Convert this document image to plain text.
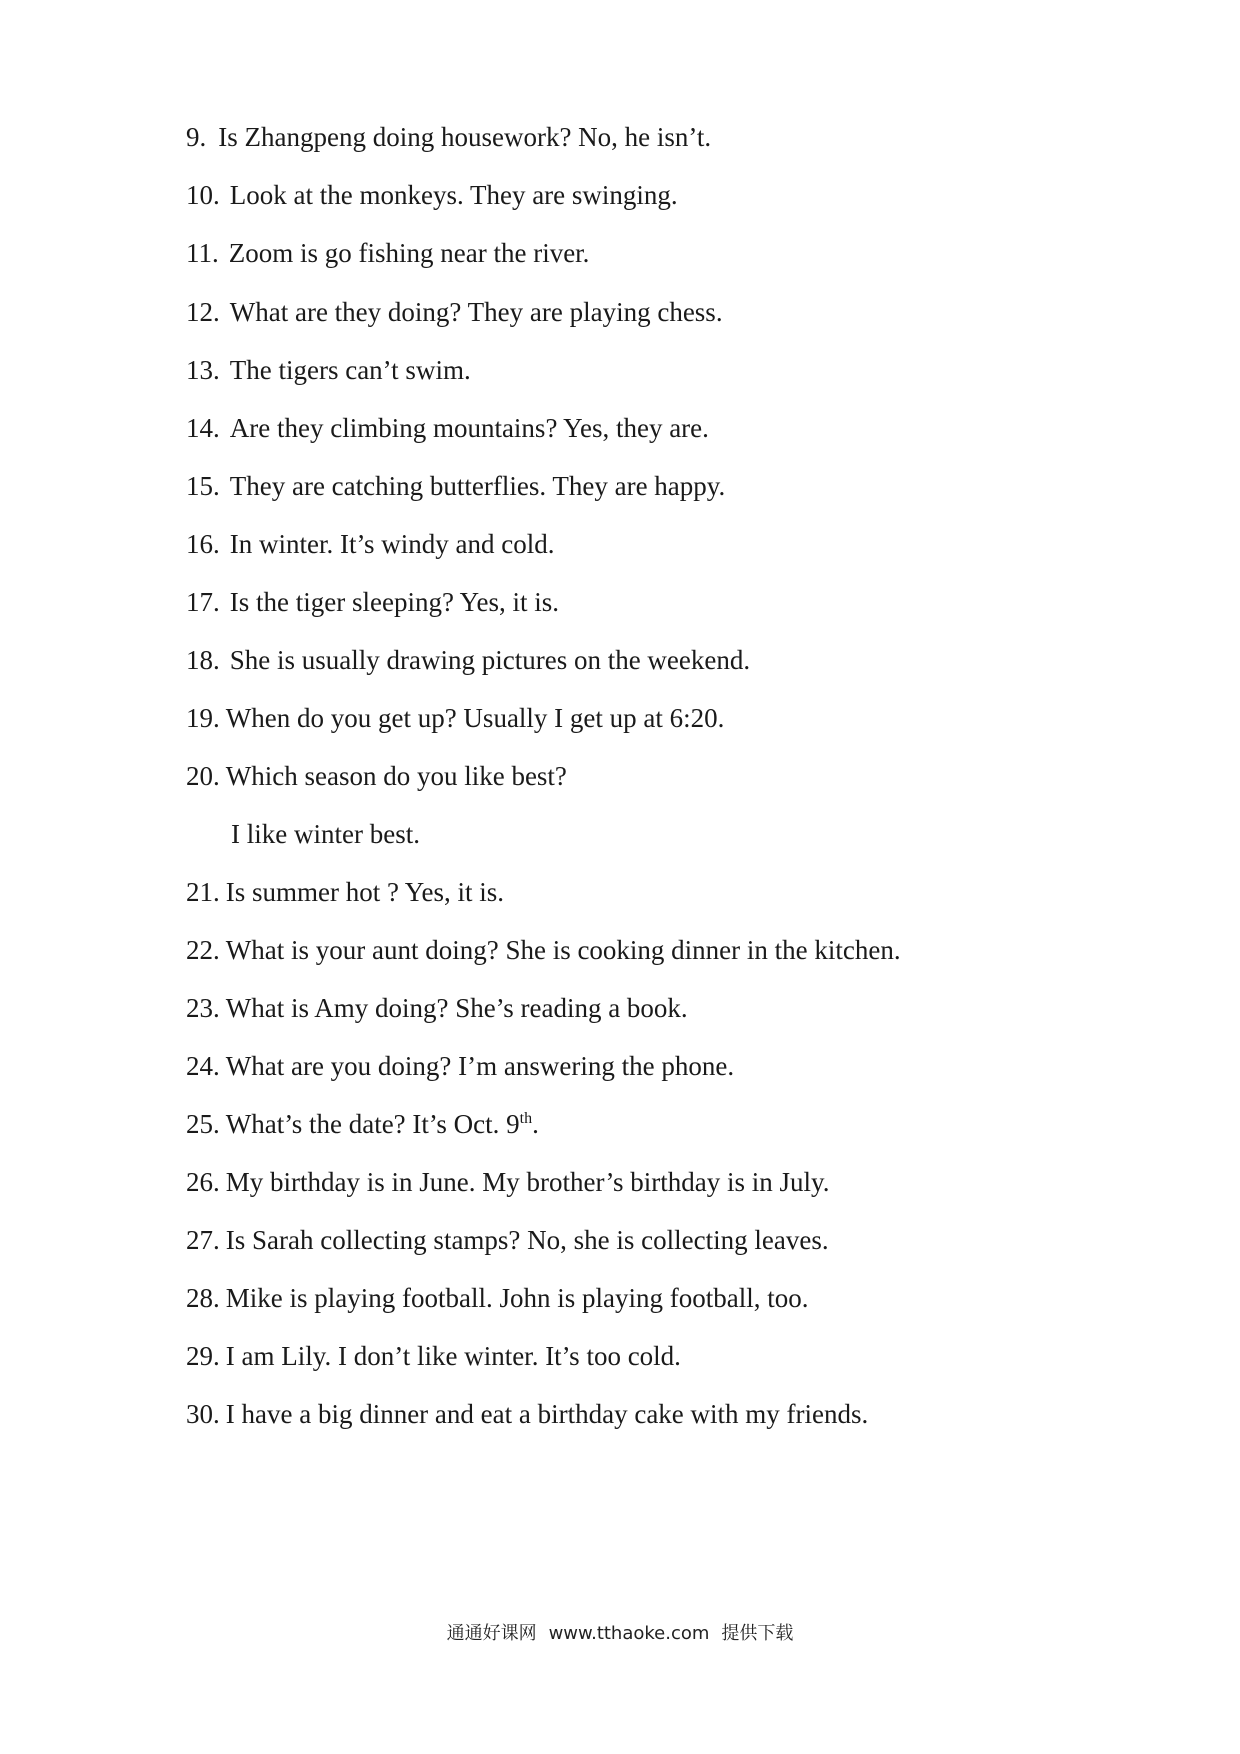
9. Is Zhangpeng doing housework? No, he isn’t.
10. Look at the monkeys. They are swinging.
11. Zoom is go fishing near the river.
12. What are they doing? They are playing chess.
13. The tigers can’t swim.
14. Are they climbing mountains? Yes, they are.
15. They are catching butterflies. They are happy.
16. In winter. It’s windy and cold.
17. Is the tiger sleeping? Yes, it is.
18. She is usually drawing pictures on the weekend.
19. When do you get up? Usually I get up at 6:20.
20. Which season do you like best?
I like winter best.
21. Is summer hot ? Yes, it is.
22. What is your aunt doing? She is cooking dinner in the kitchen.
23. What is Amy doing? She’s reading a book.
24. What are you doing? I’m answering the phone.
25. What’s the date? It’s Oct. 9th.
26. My birthday is in June. My brother’s birthday is in July.
27. Is Sarah collecting stamps? No, she is collecting leaves.
28. Mike is playing football. John is playing football, too.
29. I am Lily. I don’t like winter. It’s too cold.
30. I have a big dinner and eat a birthday cake with my friends.
通通好课网 www.tthaoke.com 提供下载
